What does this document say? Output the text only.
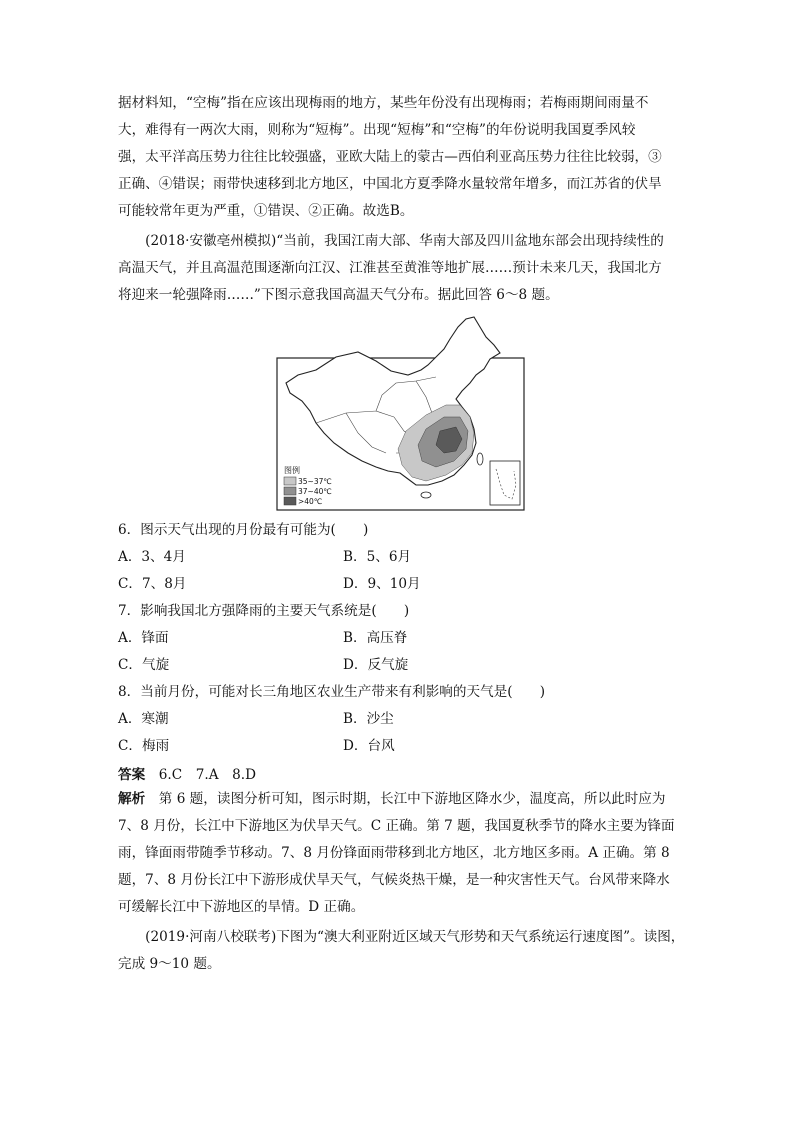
据材料知，“空梅”指在应该出现梅雨的地方，某些年份没有出现梅雨；若梅雨期间雨量不
大，难得有一两次大雨，则称为“短梅”。出现“短梅”和“空梅”的年份说明我国夏季风较
强，太平洋高压势力往往比较强盛，亚欧大陆上的蒙古—西伯利亚高压势力往往比较弱，③
正确、④错误；雨带快速移到北方地区，中国北方夏季降水量较常年增多，而江苏省的伏旱
可能较常年更为严重，①错误、②正确。故选B。
　　(2018·安徽亳州模拟)“当前，我国江南大部、华南大部及四川盆地东部会出现持续性的
高温天气，并且高温范围逐渐向江汉、江淮甚至黄淮等地扩展……预计未来几天，我国北方
将迎来一轮强降雨……”下图示意我国高温天气分布。据此回答 6～8 题。
图例
35~37℃
37~40℃
>40℃
6．图示天气出现的月份最有可能为(　　)
A．3、4月	B．5、6月
C．7、8月	D．9、10月
7．影响我国北方强降雨的主要天气系统是(　　)
A．锋面	B．高压脊
C．气旋	D．反气旋
8．当前月份，可能对长三角地区农业生产带来有利影响的天气是(　　)
A．寒潮	B．沙尘
C．梅雨	D．台风
答案　6.C　7.A　8.D
解析　第 6 题，读图分析可知，图示时期，长江中下游地区降水少，温度高，所以此时应为
7、8 月份，长江中下游地区为伏旱天气。C 正确。第 7 题，我国夏秋季节的降水主要为锋面
雨，锋面雨带随季节移动。7、8 月份锋面雨带移到北方地区，北方地区多雨。A 正确。第 8
题，7、8 月份长江中下游形成伏旱天气，气候炎热干燥，是一种灾害性天气。台风带来降水
可缓解长江中下游地区的旱情。D 正确。
　　(2019·河南八校联考)下图为“澳大利亚附近区域天气形势和天气系统运行速度图”。读图，
完成 9～10 题。
